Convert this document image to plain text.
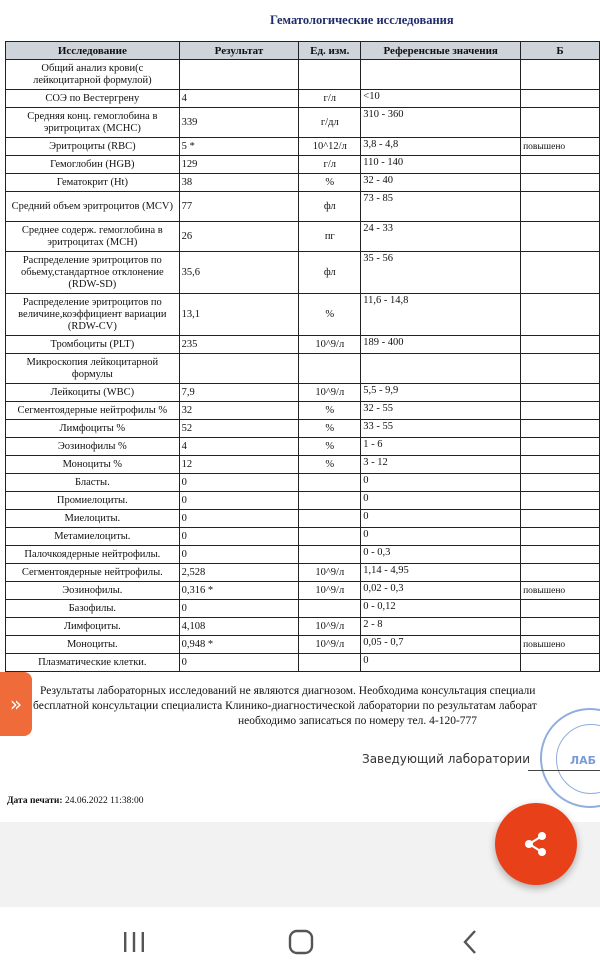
Гематологические исследования
Исследование	Результат	Ед. изм.	Референсные значения	Б
Общий анализ крови(с лейкоцитарной формулой)				
СОЭ по Вестергрену	4	г/л	<10	
Средняя конц. гемоглобина в эритроцитах (MCHC)	339	г/дл	310 - 360	
Эритроциты (RBC)	5 *	10^12/л	3,8 - 4,8	повышено
Гемоглобин (HGB)	129	г/л	110 - 140	
Гематокрит (Ht)	38	%	32 - 40	
Средний объем эритроцитов (MCV)	77	фл	73 - 85	
Среднее содерж. гемоглобина в эритроцитах (MCH)	26	пг	24 - 33	
Распределение эритроцитов по обьему,стандартное отклонение (RDW-SD)	35,6	фл	35 - 56	
Распределение эритроцитов по величине,коэффициент вариации (RDW-CV)	13,1	%	11,6 - 14,8	
Тромбоциты (PLT)	235	10^9/л	189 - 400	
Микроскопия лейкоцитарной формулы				
Лейкоциты (WBC)	7,9	10^9/л	5,5 - 9,9	
Сегментоядерные нейтрофилы %	32	%	32 - 55	
Лимфоциты %	52	%	33 - 55	
Эозинофилы %	4	%	1 - 6	
Моноциты %	12	%	3 - 12	
Бласты.	0		0	
Промиелоциты.	0		0	
Миелоциты.	0		0	
Метамиелоциты.	0		0	
Палочкоядерные нейтрофилы.	0		0 - 0,3	
Сегментоядерные нейтрофилы.	2,528	10^9/л	1,14 - 4,95	
Эозинофилы.	0,316 *	10^9/л	0,02 - 0,3	повышено
Базофилы.	0		0 - 0,12	
Лимфоциты.	4,108	10^9/л	2 - 8	
Моноциты.	0,948 *	10^9/л	0,05 - 0,7	повышено
Плазматические клетки.	0		0	
»
Результаты лабораторных исследований не являются диагнозом. Необходима консультация специали
бесплатной консультации специалиста Клинико-диагностической лаборатории по результатам лаборат
необходимо записаться по номеру тел. 4-120-777
ЛАБ
Заведующий лаборатории
Дата печати: 24.06.2022 11:38:00
